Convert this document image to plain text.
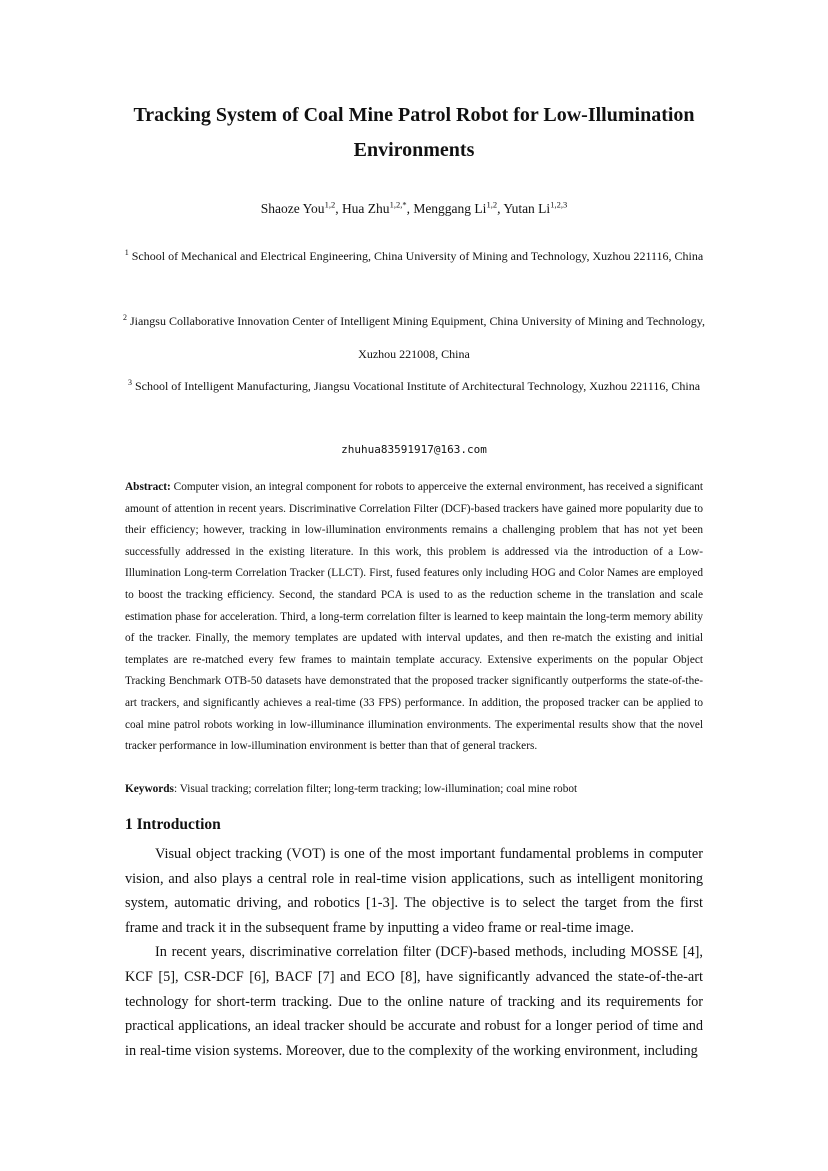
Tracking System of Coal Mine Patrol Robot for Low-Illumination Environments
Shaoze You$^{1,2}$, Hua Zhu$^{1,2,*}$, Menggang Li$^{1,2}$, Yutan Li$^{1,2,3}$
$^1$ School of Mechanical and Electrical Engineering, China University of Mining and Technology, Xuzhou 221116, China
$^2$ Jiangsu Collaborative Innovation Center of Intelligent Mining Equipment, China University of Mining and Technology, Xuzhou 221008, China
$^3$ School of Intelligent Manufacturing, Jiangsu Vocational Institute of Architectural Technology, Xuzhou 221116, China
zhuhua83591917@163.com
Abstract: Computer vision, an integral component for robots to apperceive the external environment, has received a significant amount of attention in recent years. Discriminative Correlation Filter (DCF)-based trackers have gained more popularity due to their efficiency; however, tracking in low-illumination environments remains a challenging problem that has not yet been successfully addressed in the existing literature. In this work, this problem is addressed via the introduction of a Low-Illumination Long-term Correlation Tracker (LLCT). First, fused features only including HOG and Color Names are employed to boost the tracking efficiency. Second, the standard PCA is used to as the reduction scheme in the translation and scale estimation phase for acceleration. Third, a long-term correlation filter is learned to keep maintain the long-term memory ability of the tracker. Finally, the memory templates are updated with interval updates, and then re-match the existing and initial templates are re-matched every few frames to maintain template accuracy. Extensive experiments on the popular Object Tracking Benchmark OTB-50 datasets have demonstrated that the proposed tracker significantly outperforms the state-of-the-art trackers, and significantly achieves a real-time (33 FPS) performance. In addition, the proposed tracker can be applied to coal mine patrol robots working in low-illuminance illumination environments. The experimental results show that the novel tracker performance in low-illumination environment is better than that of general trackers.
Keywords: Visual tracking; correlation filter; long-term tracking; low-illumination; coal mine robot
1 Introduction

Visual object tracking (VOT) is one of the most important fundamental problems in computer vision, and also plays a central role in real-time vision applications, such as intelligent monitoring system, automatic driving, and robotics [1-3]. The objective is to select the target from the first frame and track it in the subsequent frame by inputting a video frame or real-time image.

In recent years, discriminative correlation filter (DCF)-based methods, including MOSSE [4], KCF [5], CSR-DCF [6], BACF [7] and ECO [8], have significantly advanced the state-of-the-art technology for short-term tracking. Due to the online nature of tracking and its requirements for practical applications, an ideal tracker should be accurate and robust for a longer period of time and in real-time vision systems. Moreover, due to the complexity of the working environment, including
